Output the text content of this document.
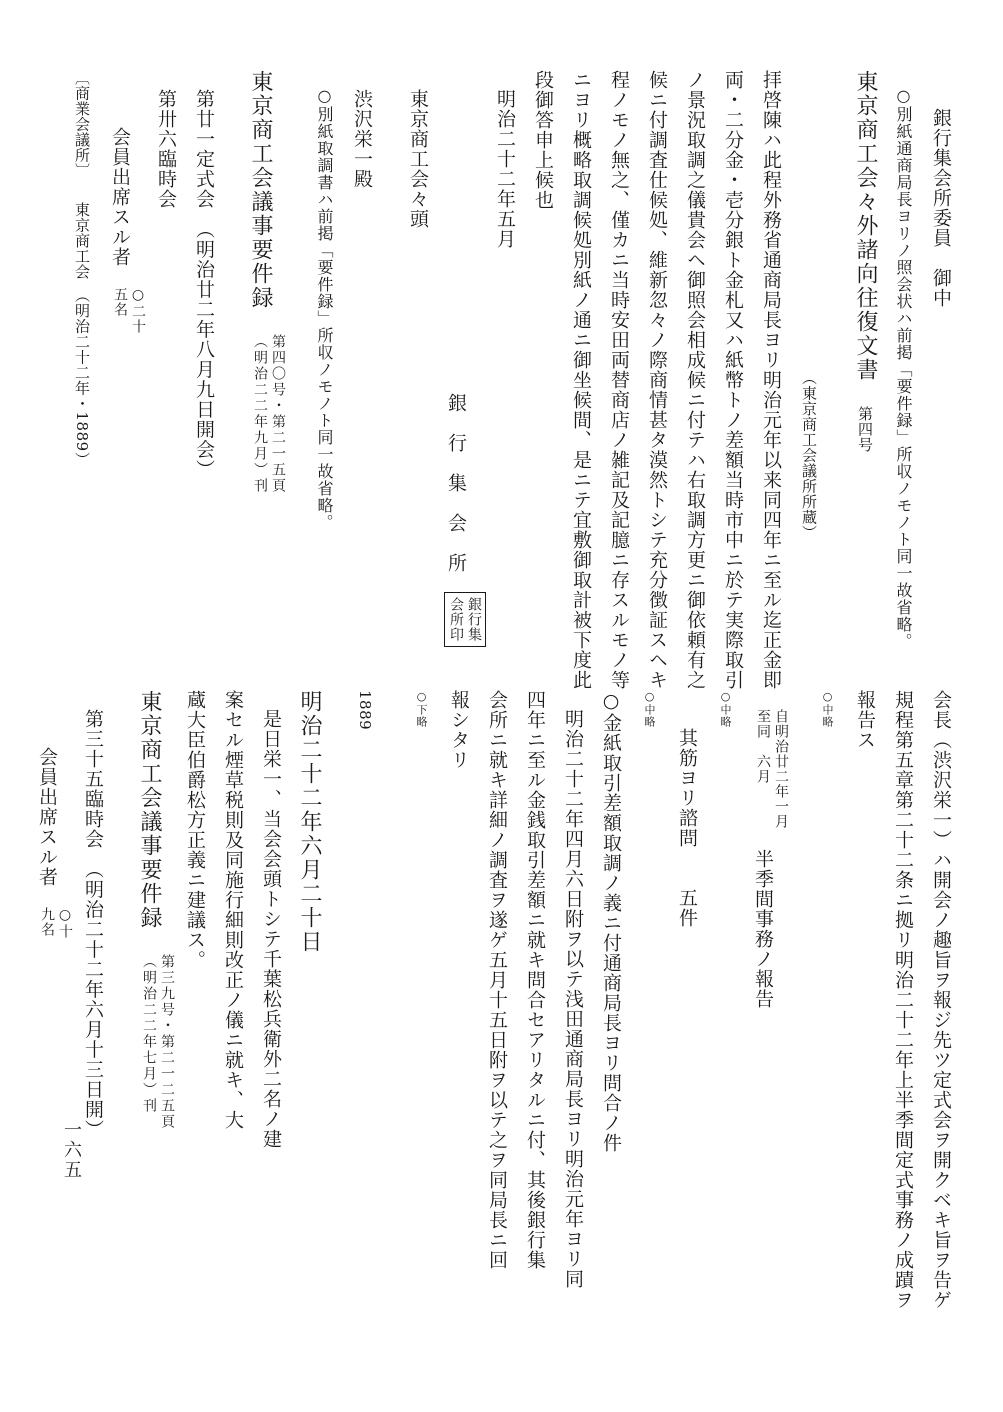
銀行集会所委員　御中
○別紙通商局長ヨリノ照会状ハ前掲「要件録」所収ノモノト同一故省略。
東京商工会々外諸向往復文書　第四号
（東京商工会議所所蔵）
拝啓陳ハ此程外務省通商局長ヨリ明治元年以来同四年ニ至ル迄正金即
両・二分金・壱分銀ト金札又ハ紙幣トノ差額当時市中ニ於テ実際取引
ノ景況取調之儀貴会ヘ御照会相成候ニ付テハ右取調方更ニ御依頼有之
候ニ付調査仕候処、維新忽々ノ際商情甚タ漠然トシテ充分徴証スヘキ
程ノモノ無之、僅カニ当時安田両替商店ノ雑記及記臆ニ存スルモノ等
ニヨリ概略取調候処別紙ノ通ニ御坐候間、是ニテ宜敷御取計被下度此
段御答申上候也
明治二十二年五月
銀　行　集　会　所 銀行集
会所印
東京商工会々頭
渋沢栄一殿
○別紙取調書ハ前掲「要件録」所収ノモノト同一故省略。
東京商工会議事要件録　第四〇号・第二一五頁
（明治二二年九月）刊
第廿一定式会　（明治廿二年八月九日開会）
第卅六臨時会
会員出席スル者　○二十
五名
〔商業会議所〕　　東京商工会　（明治二十二年・1889）
会長（渋沢栄一）ハ開会ノ趣旨ヲ報ジ先ツ定式会ヲ開クベキ旨ヲ告ゲ
規程第五章第二十二条ニ拠リ明治二十二年上半季間定式事務ノ成蹟ヲ
報告ス
○中略
自明治廿二年一月
至同　六月　半季間事務ノ報告
○中略
其筋ヨリ諮問　　五件
○中略
○金紙取引差額取調ノ義ニ付通商局長ヨリ問合ノ件
明治二十二年四月六日附ヲ以テ浅田通商局長ヨリ明治元年ヨリ同
四年ニ至ル金銭取引差額ニ就キ問合セアリタルニ付、其後銀行集
会所ニ就キ詳細ノ調査ヲ遂ゲ五月十五日附ヲ以テ之ヲ同局長ニ回
報シタリ
○下略
1889
明治二十二年六月二十日
是日栄一、当会会頭トシテ千葉松兵衛外二名ノ建
案セル煙草税則及同施行細則改正ノ儀ニ就キ、大
蔵大臣伯爵松方正義ニ建議ス。
東京商工会議事要件録　第三九号・第二一二五頁
（明治二二年七月）刊
第三十五臨時会　（明治二十二年六月十三日開）
会員出席スル者　○十
九名
一六五
